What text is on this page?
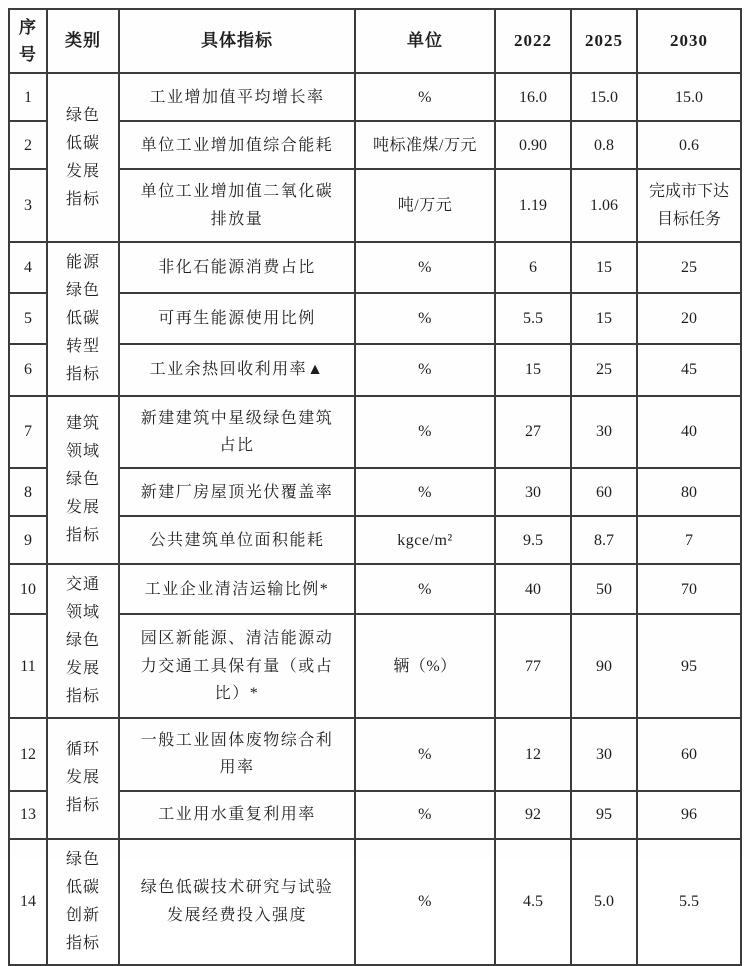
序号	类别	具体指标	单位	2022	2025	2030
1	绿色低碳发展指标	工业增加值平均增长率	%	16.0	15.0	15.0
2		单位工业增加值综合能耗	吨标准煤/万元	0.90	0.8	0.6
3		单位工业增加值二氧化碳排放量	吨/万元	1.19	1.06	完成市下达目标任务
4	能源绿色低碳转型指标	非化石能源消费占比	%	6	15	25
5		可再生能源使用比例	%	5.5	15	20
6		工业余热回收利用率▲	%	15	25	45
7	建筑领域绿色发展指标	新建建筑中星级绿色建筑占比	%	27	30	40
8		新建厂房屋顶光伏覆盖率	%	30	60	80
9		公共建筑单位面积能耗	kgce/m²	9.5	8.7	7
10	交通领域绿色发展指标	工业企业清洁运输比例*	%	40	50	70
11		园区新能源、清洁能源动力交通工具保有量（或占比）*	辆（%）	77	90	95
12	循环发展指标	一般工业固体废物综合利用率	%	12	30	60
13		工业用水重复利用率	%	92	95	96
14	绿色低碳创新指标	绿色低碳技术研究与试验发展经费投入强度	%	4.5	5.0	5.5
